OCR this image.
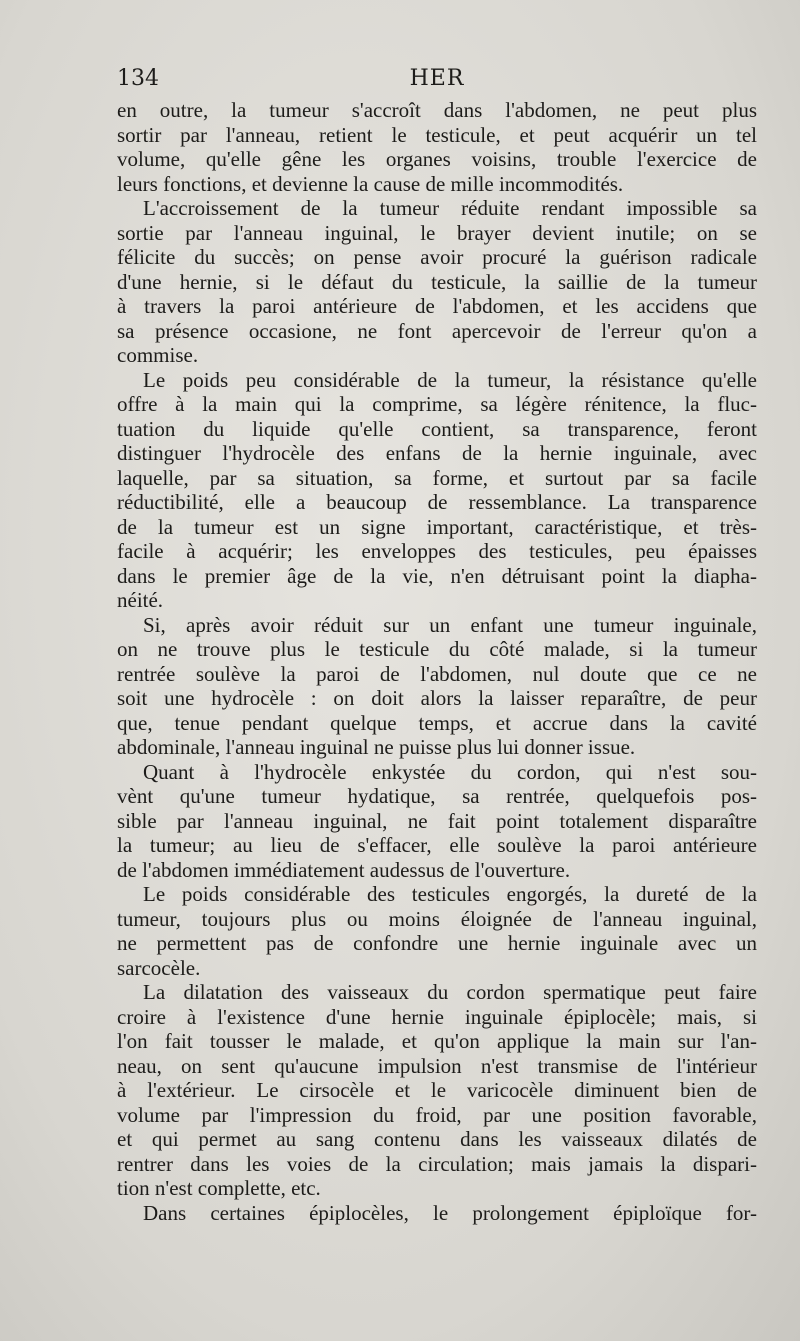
134	HER
en outre, la tumeur s'accroît dans l'abdomen, ne peut plus
sortir par l'anneau, retient le testicule, et peut acquérir un tel
volume, qu'elle gêne les organes voisins, trouble l'exercice de
leurs fonctions, et devienne la cause de mille incommodités.
L'accroissement de la tumeur réduite rendant impossible sa
sortie par l'anneau inguinal, le brayer devient inutile; on se
félicite du succès; on pense avoir procuré la guérison radicale
d'une hernie, si le défaut du testicule, la saillie de la tumeur
à travers la paroi antérieure de l'abdomen, et les accidens que
sa présence occasione, ne font apercevoir de l'erreur qu'on a
commise.
Le poids peu considérable de la tumeur, la résistance qu'elle
offre à la main qui la comprime, sa légère rénitence, la fluc-
tuation du liquide qu'elle contient, sa transparence, feront
distinguer l'hydrocèle des enfans de la hernie inguinale, avec
laquelle, par sa situation, sa forme, et surtout par sa facile
réductibilité, elle a beaucoup de ressemblance. La transparence
de la tumeur est un signe important, caractéristique, et très-
facile à acquérir; les enveloppes des testicules, peu épaisses
dans le premier âge de la vie, n'en détruisant point la diapha-
néité.
Si, après avoir réduit sur un enfant une tumeur inguinale,
on ne trouve plus le testicule du côté malade, si la tumeur
rentrée soulève la paroi de l'abdomen, nul doute que ce ne
soit une hydrocèle : on doit alors la laisser reparaître, de peur
que, tenue pendant quelque temps, et accrue dans la cavité
abdominale, l'anneau inguinal ne puisse plus lui donner issue.
Quant à l'hydrocèle enkystée du cordon, qui n'est sou-
vènt qu'une tumeur hydatique, sa rentrée, quelquefois pos-
sible par l'anneau inguinal, ne fait point totalement disparaître
la tumeur; au lieu de s'effacer, elle soulève la paroi antérieure
de l'abdomen immédiatement audessus de l'ouverture.
Le poids considérable des testicules engorgés, la dureté de la
tumeur, toujours plus ou moins éloignée de l'anneau inguinal,
ne permettent pas de confondre une hernie inguinale avec un
sarcocèle.
La dilatation des vaisseaux du cordon spermatique peut faire
croire à l'existence d'une hernie inguinale épiplocèle; mais, si
l'on fait tousser le malade, et qu'on applique la main sur l'an-
neau, on sent qu'aucune impulsion n'est transmise de l'intérieur
à l'extérieur. Le cirsocèle et le varicocèle diminuent bien de
volume par l'impression du froid, par une position favorable,
et qui permet au sang contenu dans les vaisseaux dilatés de
rentrer dans les voies de la circulation; mais jamais la dispari-
tion n'est complette, etc.
Dans certaines épiplocèles, le prolongement épiploïque for-
